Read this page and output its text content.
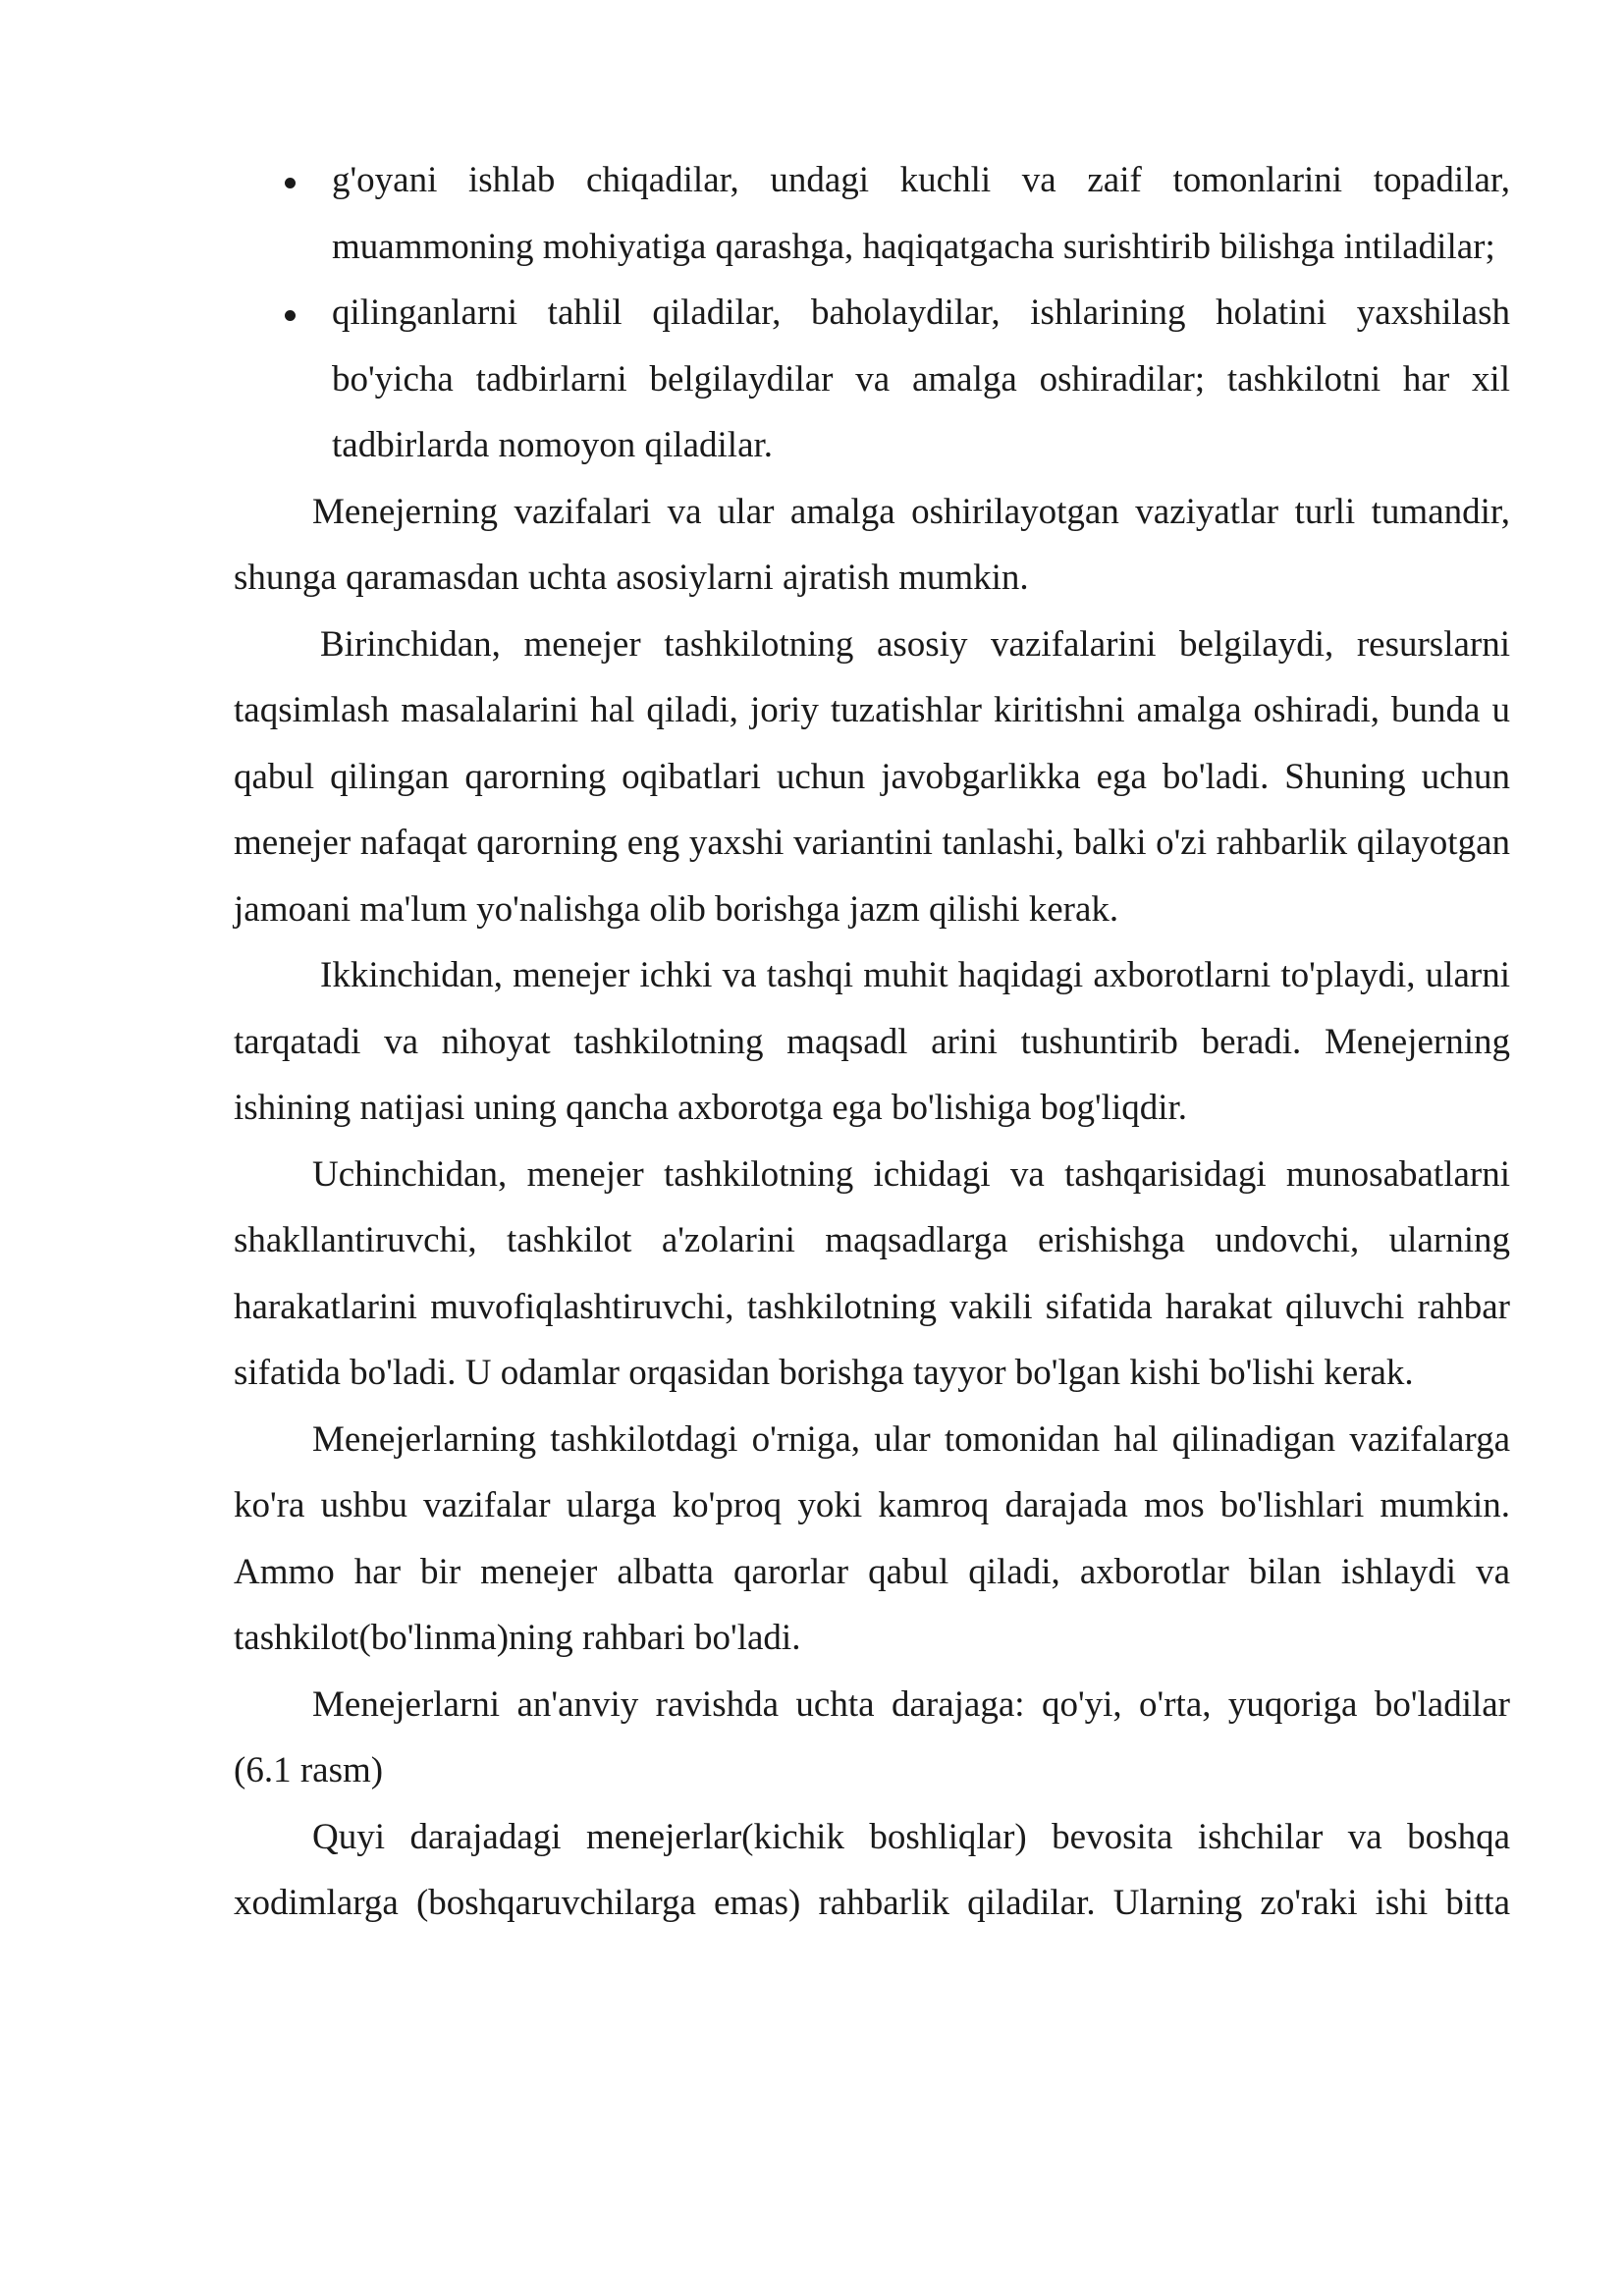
g'oyani ishlab chiqadilar, undagi kuchli va zaif tomonlarini topadilar, muammoning mohiyatiga qarashga, haqiqatgacha surishtirib bilishga intiladilar;
qilinganlarni tahlil qiladilar, baholaydilar, ishlarining holatini yaxshilash bo'yicha tadbirlarni belgilaydilar va amalga oshiradilar; tashkilotni har xil tadbirlarda nomoyon qiladilar.

Menejerning vazifalari va ular amalga oshirilayotgan vaziyatlar turli tumandir, shunga qaramasdan uchta asosiylarni ajratish mumkin.

Birinchidan, menejer tashkilotning asosiy vazifalarini belgilaydi, resurslarni taqsimlash masalalarini hal qiladi, joriy tuzatishlar kiritishni amalga oshiradi, bunda u qabul qilingan qarorning oqibatlari uchun javobgarlikka ega bo'ladi. Shuning uchun menejer nafaqat qarorning eng yaxshi variantini tanlashi, balki o'zi rahbarlik qilayotgan jamoani ma'lum yo'nalishga olib borishga jazm qilishi kerak.

Ikkinchidan, menejer ichki va tashqi muhit haqidagi axborotlarni to'playdi, ularni tarqatadi va nihoyat tashkilotning maqsadl arini tushuntirib beradi. Menejerning ishining natijasi uning qancha axborotga ega bo'lishiga bog'liqdir.

Uchinchidan, menejer tashkilotning ichidagi va tashqarisidagi munosabatlarni shakllantiruvchi, tashkilot a'zolarini maqsadlarga erishishga undovchi, ularning harakatlarini muvofiqlashtiruvchi, tashkilotning vakili sifatida harakat qiluvchi rahbar sifatida bo'ladi. U odamlar orqasidan borishga tayyor bo'lgan kishi bo'lishi kerak.

Menejerlarning tashkilotdagi o'rniga, ular tomonidan hal qilinadigan vazifalarga ko'ra ushbu vazifalar ularga ko'proq yoki kamroq darajada mos bo'lishlari mumkin. Ammo har bir menejer albatta qarorlar qabul qiladi, axborotlar bilan ishlaydi va tashkilot(bo'linma)ning rahbari bo'ladi.

Menejerlarni an'anviy ravishda uchta darajaga: qo'yi, o'rta, yuqoriga bo'ladilar (6.1 rasm)

Quyi darajadagi menejerlar(kichik boshliqlar) bevosita ishchilar va boshqa xodimlarga (boshqaruvchilarga emas) rahbarlik qiladilar. Ularning zo'raki ishi bitta
